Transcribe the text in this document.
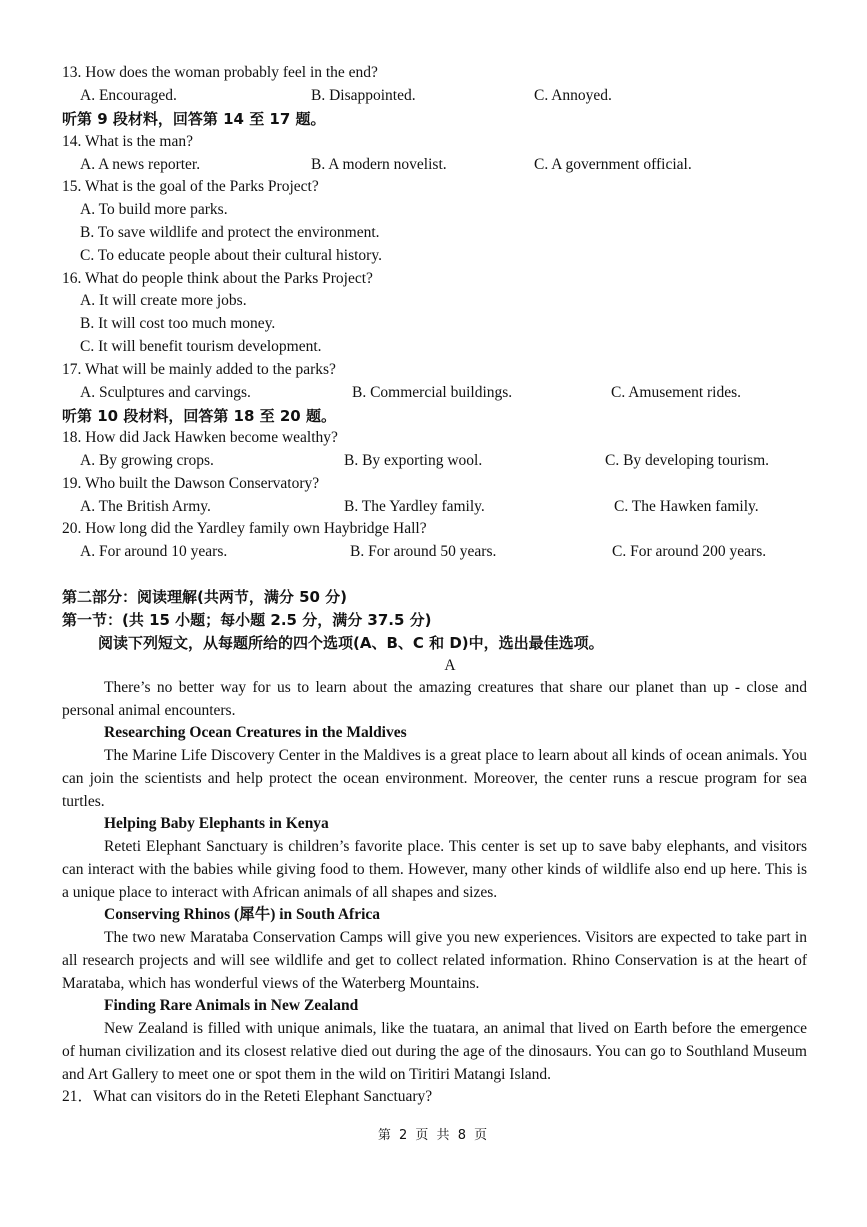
13. How does the woman probably feel in the end?
A. Encouraged.	B. Disappointed.	C. Annoyed.
听第 9 段材料，回答第 14 至 17 题。
14. What is the man?
A. A news reporter.	B. A modern novelist.	C. A government official.
15. What is the goal of the Parks Project?
A. To build more parks.
B. To save wildlife and protect the environment.
C. To educate people about their cultural history.
16. What do people think about the Parks Project?
A. It will create more jobs.
B. It will cost too much money.
C. It will benefit tourism development.
17. What will be mainly added to the parks?
A. Sculptures and carvings.	B. Commercial buildings.	C. Amusement rides.
听第 10 段材料，回答第 18 至 20 题。
18. How did Jack Hawken become wealthy?
A. By growing crops.	B. By exporting wool.	C. By developing tourism.
19. Who built the Dawson Conservatory?
A. The British Army.	B. The Yardley family.	C. The Hawken family.
20. How long did the Yardley family own Haybridge Hall?
A. For around 10 years.	B. For around 50 years.	C. For around 200 years.
第二部分：阅读理解(共两节，满分 50 分)
第一节：(共 15 小题；每小题 2.5 分，满分 37.5 分)
阅读下列短文，从每题所给的四个选项(A、B、C 和 D)中，选出最佳选项。
A
There’s no better way for us to learn about the amazing creatures that share our planet than up - close and personal animal encounters.
Researching Ocean Creatures in the Maldives
The Marine Life Discovery Center in the Maldives is a great place to learn about all kinds of ocean animals. You can join the scientists and help protect the ocean environment. Moreover, the center runs a rescue program for sea turtles.
Helping Baby Elephants in Kenya
Reteti Elephant Sanctuary is children’s favorite place. This center is set up to save baby elephants, and visitors can interact with the babies while giving food to them. However, many other kinds of wildlife also end up here. This is a unique place to interact with African animals of all shapes and sizes.
Conserving Rhinos (犀牛) in South Africa
The two new Marataba Conservation Camps will give you new experiences. Visitors are expected to take part in all research projects and will see wildlife and get to collect related information. Rhino Conservation is at the heart of Marataba, which has wonderful views of the Waterberg Mountains.
Finding Rare Animals in New Zealand
New Zealand is filled with unique animals, like the tuatara, an animal that lived on Earth before the emergence of human civilization and its closest relative died out during the age of the dinosaurs. You can go to Southland Museum and Art Gallery to meet one or spot them in the wild on Tiritiri Matangi Island.
21．What can visitors do in the Reteti Elephant Sanctuary?
第 2 页 共 8 页
